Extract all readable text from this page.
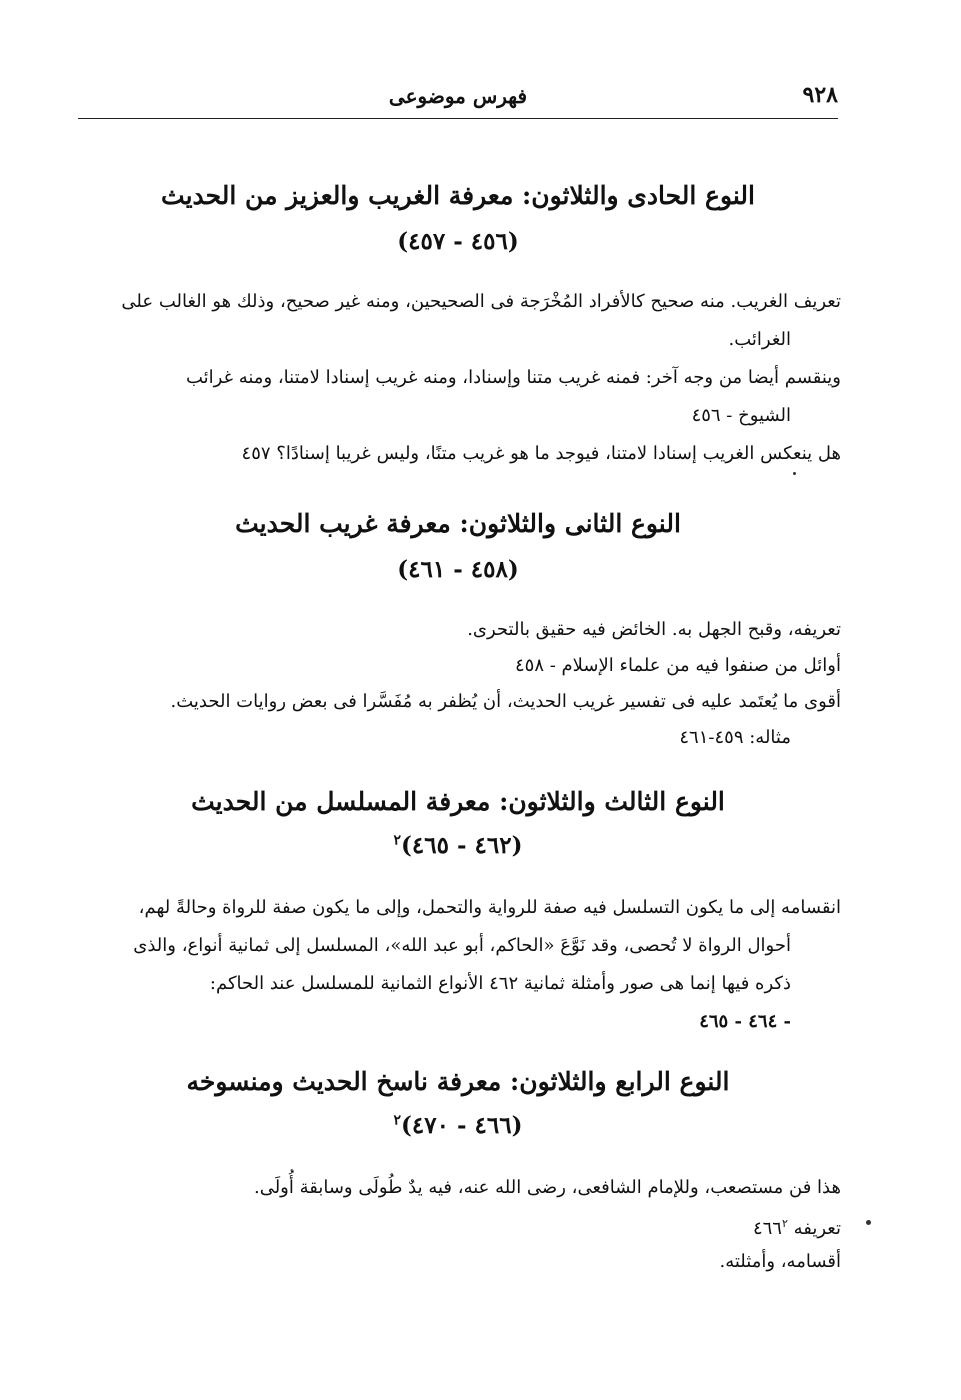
٩٢٨
فهرس موضوعى
النوع الحادى والثلاثون: معرفة الغريب والعزيز من الحديث
(٤٥٦ - ٤٥٧)
تعريف الغريب. منه صحيح كالأفراد المُخْرَجة فى الصحيحين، ومنه غير صحيح، وذلك هو الغالب على
الغرائب.
وينقسم أيضا من وجه آخر: فمنه غريب متنا وإسنادا، ومنه غريب إسنادا لامتنا، ومنه غرائب
الشيوخ - ٤٥٦
هل ينعكس الغريب إسنادا لامتنا، فيوجد ما هو غريب متنًا، وليس غريبا إسنادًا؟ ٤٥٧
النوع الثانى والثلاثون: معرفة غريب الحديث
(٤٥٨ - ٤٦١)
تعريفه، وقبح الجهل به. الخائض فيه حقيق بالتحرى.
أوائل من صنفوا فيه من علماء الإسلام - ٤٥٨
أقوى ما يُعتَمد عليه فى تفسير غريب الحديث، أن يُظفر به مُفَسَّرا فى بعض روايات الحديث.
مثاله: ٤٥٩-٤٦١
النوع الثالث والثلاثون: معرفة المسلسل من الحديث
(٤٦٢ - ٤٦٥)$^٢$
انقسامه إلى ما يكون التسلسل فيه صفة للرواية والتحمل، وإلى ما يكون صفة للرواة وحالةً لهم،
أحوال الرواة لا تُحصى، وقد نَوَّعَ «الحاكم، أبو عبد الله»، المسلسل إلى ثمانية أنواع، والذى
ذكره فيها إنما هى صور وأمثلة ثمانية ٤٦٢ الأنواع الثمانية للمسلسل عند الحاكم:
- ٤٦٤ - ٤٦٥
النوع الرابع والثلاثون: معرفة ناسخ الحديث ومنسوخه
(٤٦٦ - ٤٧٠)$^٢$
هذا فن مستصعب، وللإمام الشافعى، رضى الله عنه، فيه يدٌ طُولَى وسابقة أُولَى.
تعريفه $٤٦٦^٢$
أقسامه، وأمثلته.
